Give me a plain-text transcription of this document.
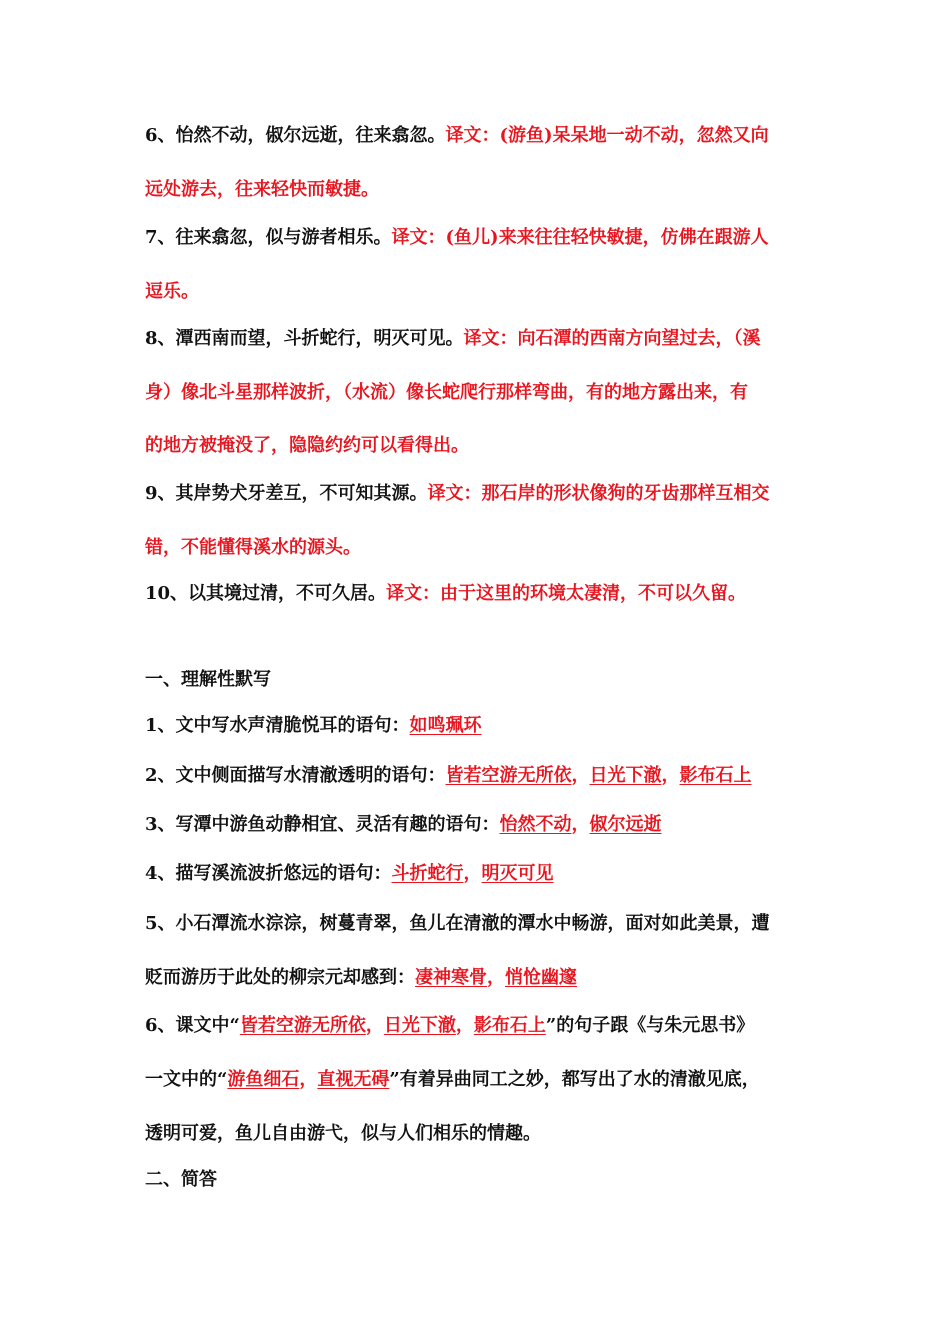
6、怡然不动，俶尔远逝，往来翕忽。译文：(游鱼)呆呆地一动不动，忽然又向
远处游去，往来轻快而敏捷。
7、往来翕忽，似与游者相乐。译文：(鱼儿)来来往往轻快敏捷，仿佛在跟游人
逗乐。
8、潭西南而望，斗折蛇行，明灭可见。译文：向石潭的西南方向望过去，（溪
身）像北斗星那样波折，（水流）像长蛇爬行那样弯曲，有的地方露出来，有
的地方被掩没了，隐隐约约可以看得出。
9、其岸势犬牙差互，不可知其源。译文：那石岸的形状像狗的牙齿那样互相交
错，不能懂得溪水的源头。
10、以其境过清，不可久居。译文：由于这里的环境太凄清，不可以久留。
一、理解性默写
1、文中写水声清脆悦耳的语句：如鸣珮环
2、文中侧面描写水清澈透明的语句：皆若空游无所依，日光下澈，影布石上
3、写潭中游鱼动静相宜、灵活有趣的语句：怡然不动，俶尔远逝
4、描写溪流波折悠远的语句：斗折蛇行，明灭可见
5、小石潭流水淙淙，树蔓青翠，鱼儿在清澈的潭水中畅游，面对如此美景，遭
贬而游历于此处的柳宗元却感到：凄神寒骨，悄怆幽邃
6、课文中“皆若空游无所依，日光下澈，影布石上”的句子跟《与朱元思书》
一文中的“游鱼细石，直视无碍”有着异曲同工之妙，都写出了水的清澈见底，
透明可爱，鱼儿自由游弋，似与人们相乐的情趣。
二、简答
